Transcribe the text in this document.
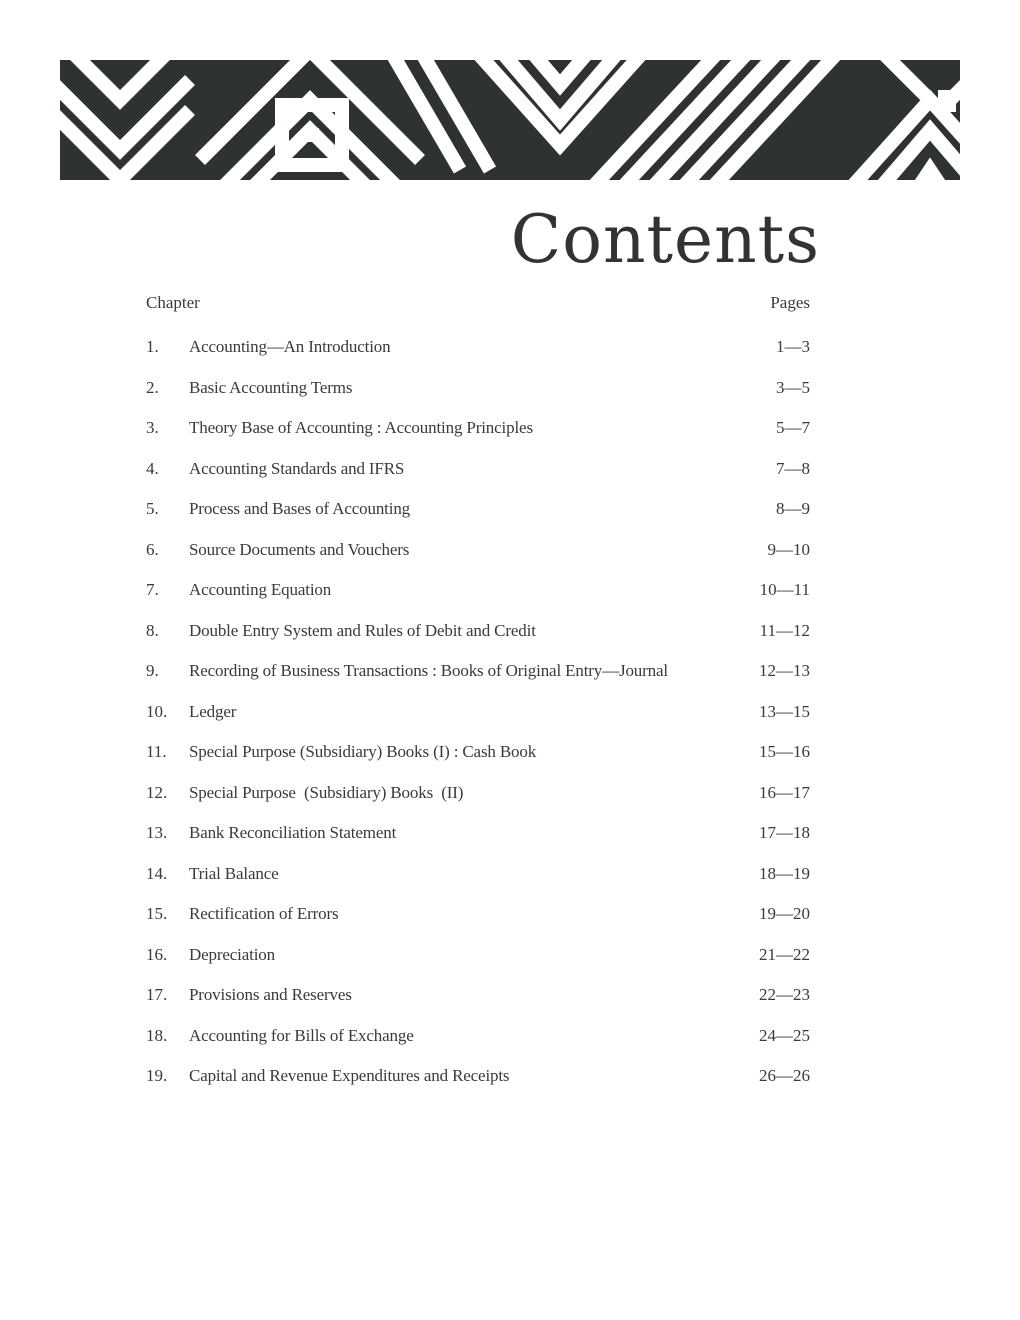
Contents
Chapter	Pages
1. Accounting—An Introduction	1—3
2. Basic Accounting Terms	3—5
3. Theory Base of Accounting : Accounting Principles	5—7
4. Accounting Standards and IFRS	7—8
5. Process and Bases of Accounting	8—9
6. Source Documents and Vouchers	9—10
7. Accounting Equation	10—11
8. Double Entry System and Rules of Debit and Credit	11—12
9. Recording of Business Transactions : Books of Original Entry—Journal	12—13
10. Ledger	13—15
11. Special Purpose (Subsidiary) Books (I) : Cash Book	15—16
12. Special Purpose  (Subsidiary) Books  (II)	16—17
13. Bank Reconciliation Statement	17—18
14. Trial Balance	18—19
15. Rectification of Errors	19—20
16. Depreciation	21—22
17. Provisions and Reserves	22—23
18. Accounting for Bills of Exchange	24—25
19. Capital and Revenue Expenditures and Receipts	26—26
